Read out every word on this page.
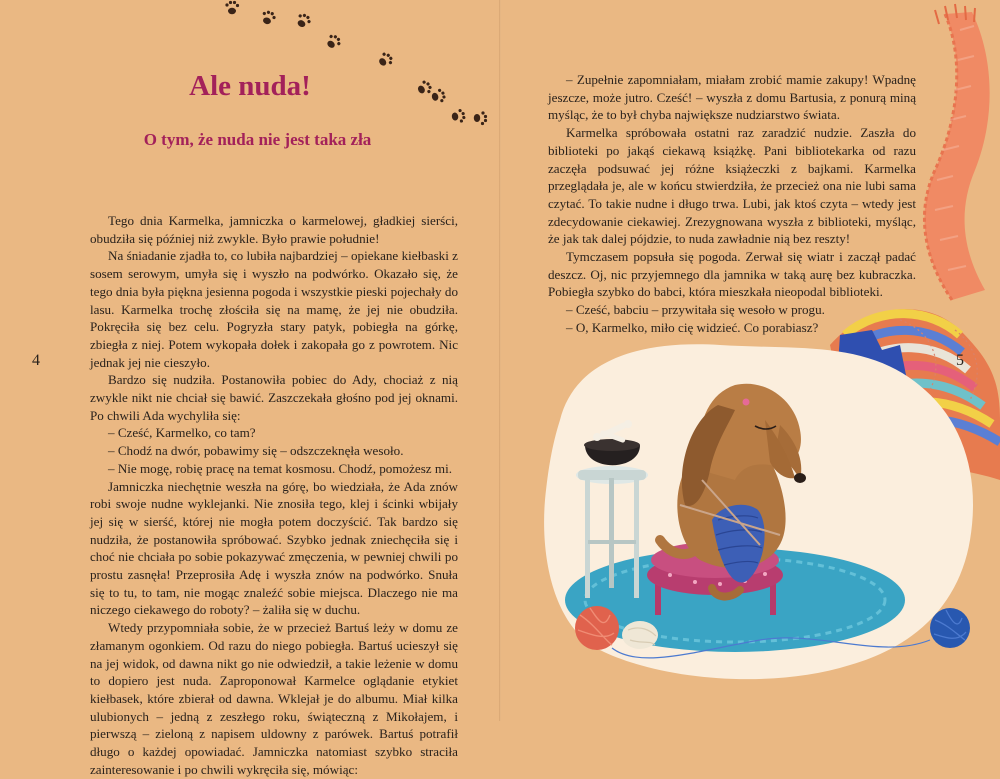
Ale nuda!
O tym, że nuda nie jest taka zła

Tego dnia Karmelka, jamniczka o karmelowej, gładkiej sierści, obudziła się później niż zwykle. Było prawie południe!

Na śniadanie zjadła to, co lubiła najbardziej – opiekane kiełbaski z sosem serowym, umyła się i wyszło na podwórko. Okazało się, że tego dnia była piękna jesienna pogoda i wszystkie pieski pojechały do lasu. Karmelka trochę złościła się na mamę, że jej nie obudziła. Pokręciła się bez celu. Pogryzła stary patyk, pobiegła na górkę, zbiegła z niej. Potem wykopała dołek i zakopała go z powrotem. Nic jednak jej nie cieszyło.

Bardzo się nudziła. Postanowiła pobiec do Ady, chociaż z nią zwykle nikt nie chciał się bawić. Zaszczekała głośno pod jej oknami. Po chwili Ada wychyliła się:

– Cześć, Karmelko, co tam?

– Chodź na dwór, pobawimy się – odszczeknęła wesoło.

– Nie mogę, robię pracę na temat kosmosu. Chodź, pomożesz mi.

Jamniczka niechętnie weszła na górę, bo wiedziała, że Ada znów robi swoje nudne wyklejanki. Nie znosiła tego, klej i ścinki wbijały jej się w sierść, której nie mogła potem doczyścić. Tak bardzo się nudziła, że postanowiła spróbować. Szybko jednak zniechęciła się i choć nie chciała po sobie pokazywać zmęczenia, w pewniej chwili po prostu zasnęła! Przeprosiła Adę i wyszła znów na podwórko. Snuła się to tu, to tam, nie mogąc znaleźć sobie miejsca. Dlaczego nie ma niczego ciekawego do roboty? – żaliła się w duchu.

Wtedy przypomniała sobie, że w przecież Bartuś leży w domu ze złamanym ogonkiem. Od razu do niego pobiegła. Bartuś ucieszył się na jej widok, od dawna nikt go nie odwiedził, a takie leżenie w domu to dopiero jest nuda. Zaproponował Karmelce oglądanie etykiet kiełbasek, które zbierał od dawna. Wklejał je do albumu. Miał kilka ulubionych – jedną z zeszłego roku, świąteczną z Mikołajem, i pierwszą – zieloną z napisem uldowny z parówek. Bartuś potrafił długo o każdej opowiadać. Jamniczka natomiast szybko straciła zainteresowanie i po chwili wykręciła się, mówiąc:

– Zupełnie zapomniałam, miałam zrobić mamie zakupy! Wpadnę jeszcze, może jutro. Cześć! – wyszła z domu Bartusia, z ponurą miną myśląc, że to był chyba największe nudziarstwo świata.

Karmelka spróbowała ostatni raz zaradzić nudzie. Zaszła do biblioteki po jakąś ciekawą książkę. Pani bibliotekarka od razu zaczęła podsuwać jej różne książeczki z bajkami. Karmelka przeglądała je, ale w końcu stwierdziła, że przecież ona nie lubi sama czytać. To takie nudne i długo trwa. Lubi, jak ktoś czyta – wtedy jest zdecydowanie ciekawiej. Zrezygnowana wyszła z biblioteki, myśląc, że jak tak dalej pójdzie, to nuda zawładnie nią bez reszty!

Tymczasem popsuła się pogoda. Zerwał się wiatr i zaczął padać deszcz. Oj, nic przyjemnego dla jamnika w taką aurę bez kubraczka. Pobiegła szybko do babci, która mieszkała nieopodal biblioteki.

– Cześć, babciu – przywitała się wesoło w progu.

– O, Karmelko, miło cię widzieć. Co porabiasz?

4	5
